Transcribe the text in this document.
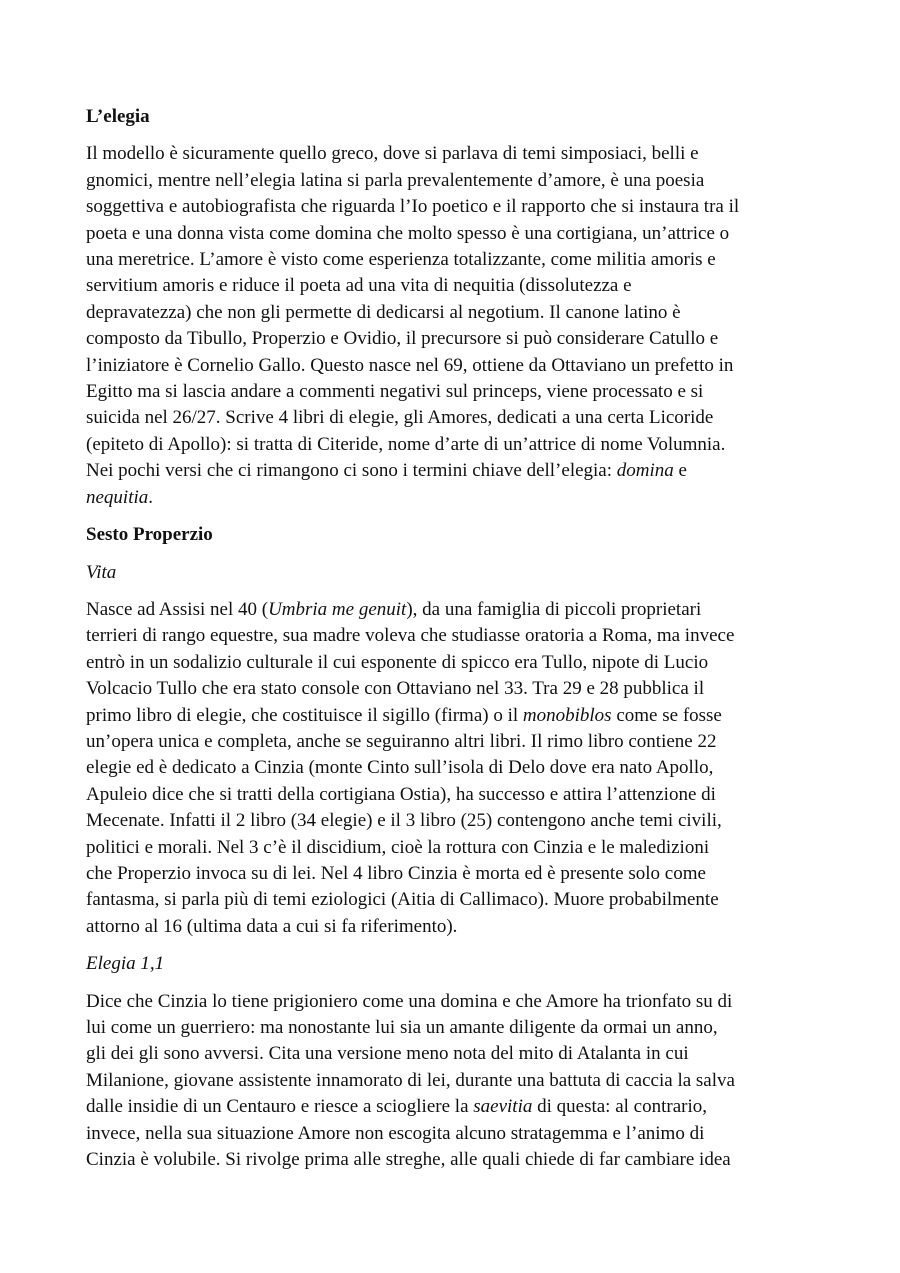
L’elegia
Il modello è sicuramente quello greco, dove si parlava di temi simposiaci, belli e
gnomici, mentre nell’elegia latina si parla prevalentemente d’amore, è una poesia
soggettiva e autobiografista che riguarda l’Io poetico e il rapporto che si instaura tra il
poeta e una donna vista come domina che molto spesso è una cortigiana, un’attrice o
una meretrice. L’amore è visto come esperienza totalizzante, come militia amoris e
servitium amoris e riduce il poeta ad una vita di nequitia (dissolutezza e
depravatezza) che non gli permette di dedicarsi al negotium. Il canone latino è
composto da Tibullo, Properzio e Ovidio, il precursore si può considerare Catullo e
l’iniziatore è Cornelio Gallo. Questo nasce nel 69, ottiene da Ottaviano un prefetto in
Egitto ma si lascia andare a commenti negativi sul princeps, viene processato e si
suicida nel 26/27. Scrive 4 libri di elegie, gli Amores, dedicati a una certa Licoride
(epiteto di Apollo): si tratta di Citeride, nome d’arte di un’attrice di nome Volumnia.
Nei pochi versi che ci rimangono ci sono i termini chiave dell’elegia: domina e
nequitia.
Sesto Properzio
Vita
Nasce ad Assisi nel 40 (Umbria me genuit), da una famiglia di piccoli proprietari
terrieri di rango equestre, sua madre voleva che studiasse oratoria a Roma, ma invece
entrò in un sodalizio culturale il cui esponente di spicco era Tullo, nipote di Lucio
Volcacio Tullo che era stato console con Ottaviano nel 33. Tra 29 e 28 pubblica il
primo libro di elegie, che costituisce il sigillo (firma) o il monobiblos come se fosse
un’opera unica e completa, anche se seguiranno altri libri. Il rimo libro contiene 22
elegie ed è dedicato a Cinzia (monte Cinto sull’isola di Delo dove era nato Apollo,
Apuleio dice che si tratti della cortigiana Ostia), ha successo e attira l’attenzione di
Mecenate. Infatti il 2 libro (34 elegie) e il 3 libro (25) contengono anche temi civili,
politici e morali. Nel 3 c’è il discidium, cioè la rottura con Cinzia e le maledizioni
che Properzio invoca su di lei. Nel 4 libro Cinzia è morta ed è presente solo come
fantasma, si parla più di temi eziologici (Aitia di Callimaco). Muore probabilmente
attorno al 16 (ultima data a cui si fa riferimento).
Elegia 1,1
Dice che Cinzia lo tiene prigioniero come una domina e che Amore ha trionfato su di
lui come un guerriero: ma nonostante lui sia un amante diligente da ormai un anno,
gli dei gli sono avversi. Cita una versione meno nota del mito di Atalanta in cui
Milanione, giovane assistente innamorato di lei, durante una battuta di caccia la salva
dalle insidie di un Centauro e riesce a sciogliere la saevitia di questa: al contrario,
invece, nella sua situazione Amore non escogita alcuno stratagemma e l’animo di
Cinzia è volubile. Si rivolge prima alle streghe, alle quali chiede di far cambiare idea
